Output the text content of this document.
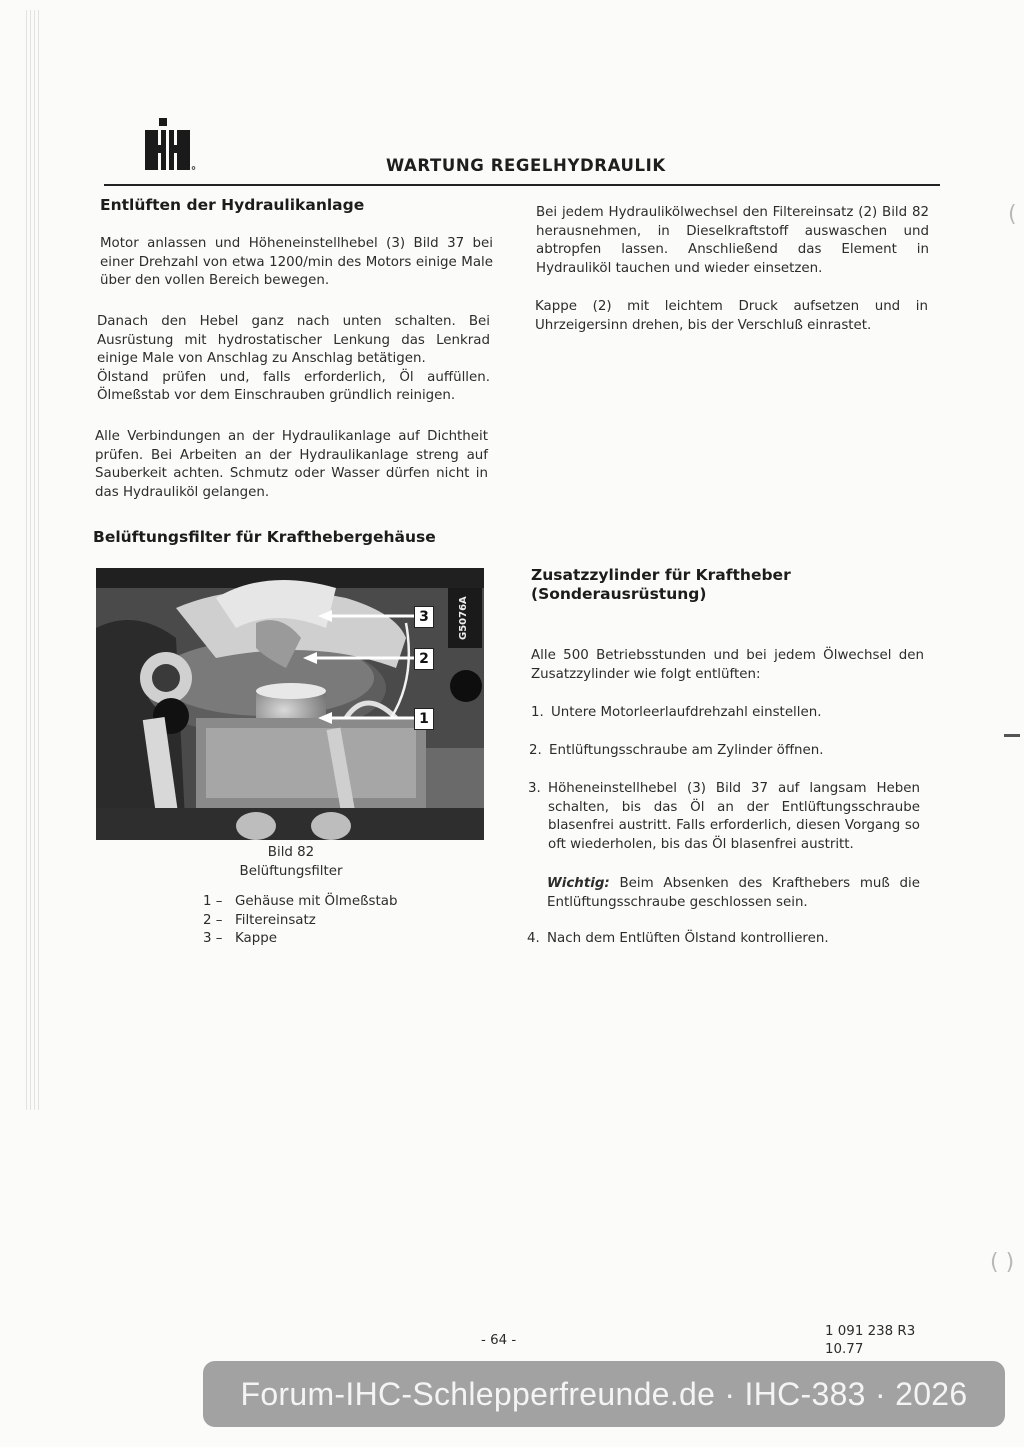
WARTUNG REGELHYDRAULIK
Entlüften der Hydraulikanlage

Motor anlassen und Höheneinstellhebel (3) Bild 37 bei einer Drehzahl von etwa 1200/min des Motors einige Male über den vollen Bereich bewegen.

Danach den Hebel ganz nach unten schalten. Bei Ausrüstung mit hydrostatischer Lenkung das Lenkrad einige Male von Anschlag zu Anschlag betätigen.

Ölstand prüfen und, falls erforderlich, Öl auffüllen. Ölmeßstab vor dem Einschrauben gründlich reinigen.

Alle Verbindungen an der Hydraulikanlage auf Dichtheit prüfen. Bei Arbeiten an der Hydraulikanlage streng auf Sauberkeit achten. Schmutz oder Wasser dürfen nicht in das Hydrauliköl gelangen.

Belüftungsfilter für Krafthebergehäuse
3
2
1
G5076A
Bild 82
Belüftungsfilter
1 – Gehäuse mit Ölmeßstab
2 – Filtereinsatz
3 – Kappe

Bei jedem Hydraulikölwechsel den Filtereinsatz (2) Bild 82 herausnehmen, in Dieselkraftstoff auswaschen und abtropfen lassen. Anschließend das Element in Hydrauliköl tauchen und wieder einsetzen.

Kappe (2) mit leichtem Druck aufsetzen und in Uhrzeigersinn drehen, bis der Verschluß einrastet.

Zusatzzylinder für Kraftheber
(Sonderausrüstung)

Alle 500 Betriebsstunden und bei jedem Ölwechsel den Zusatzzylinder wie folgt entlüften:

1. Untere Motorleerlaufdrehzahl einstellen.
2. Entlüftungsschraube am Zylinder öffnen.
3. Höheneinstellhebel (3) Bild 37 auf langsam Heben schalten, bis das Öl an der Entlüftungsschraube blasenfrei austritt. Falls erforderlich, diesen Vorgang so oft wiederholen, bis das Öl blasenfrei austritt.
Wichtig: Beim Absenken des Krafthebers muß die Entlüftungsschraube geschlossen sein.
4. Nach dem Entlüften Ölstand kontrollieren.
(
( )
- 64 -
1 091 238 R3
10.77
Forum-IHC-Schlepperfreunde.de · IHC-383 · 2026
